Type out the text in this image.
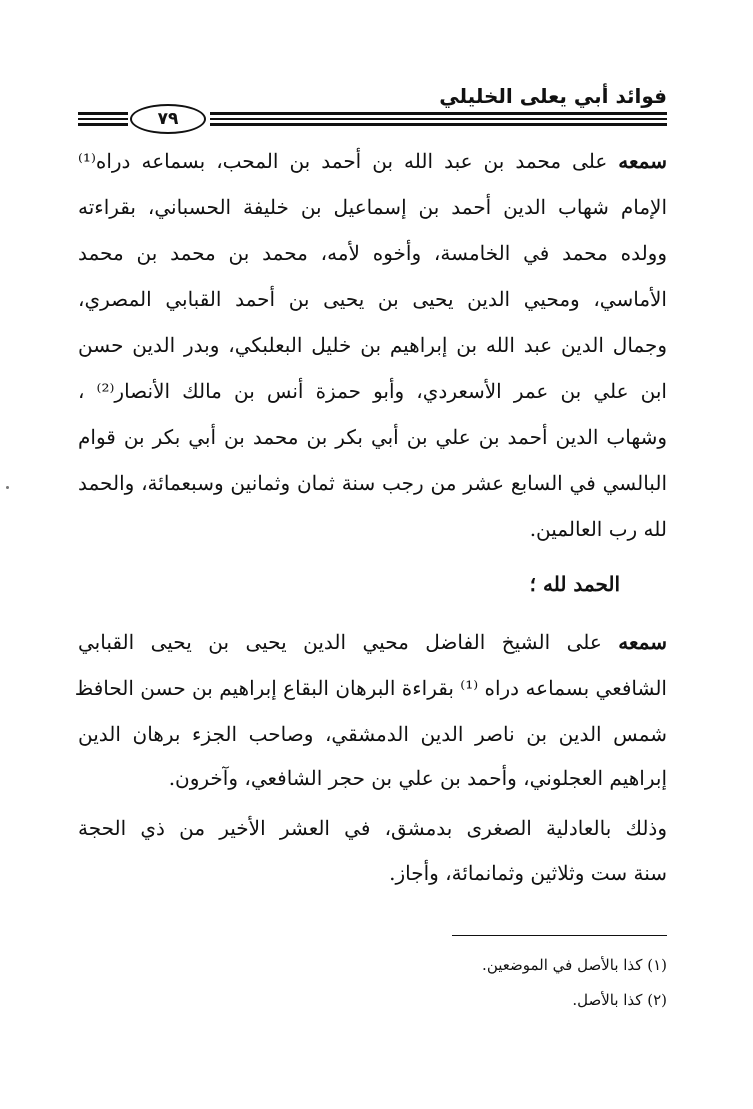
فوائد أبي يعلى الخليلي
٧٩
سمعه على محمد بن عبد الله بن أحمد بن المحب، بسماعه دراه⁽¹⁾
الإمام شهاب الدين أحمد بن إسماعيل بن خليفة الحسباني، بقراءته
وولده محمد في الخامسة، وأخوه لأمه، محمد بن محمد بن محمد
الأماسي، ومحيي الدين يحيى بن يحيى بن أحمد القبابي المصري،
وجمال الدين عبد الله بن إبراهيم بن خليل البعلبكي، وبدر الدين حسن
ابن علي بن عمر الأسعردي، وأبو حمزة أنس بن مالك الأنصار⁽²⁾ ،
وشهاب الدين أحمد بن علي بن أبي بكر بن محمد بن أبي بكر بن قوام
البالسي في السابع عشر من رجب سنة ثمان وثمانين وسبعمائة، والحمد
لله رب العالمين.
الحمد لله ؛
سمعه على الشيخ الفاضل محيي الدين يحيى بن يحيى القبابي
الشافعي بسماعه دراه ⁽¹⁾ بقراءة البرهان البقاع إبراهيم بن حسن الحافظ
شمس الدين بن ناصر الدين الدمشقي، وصاحب الجزء برهان الدين
إبراهيم العجلوني، وأحمد بن علي بن حجر الشافعي، وآخرون.
وذلك بالعادلية الصغرى بدمشق، في العشر الأخير من ذي الحجة
سنة ست وثلاثين وثمانمائة، وأجاز.
(١) كذا بالأصل في الموضعين.
(٢) كذا بالأصل.
